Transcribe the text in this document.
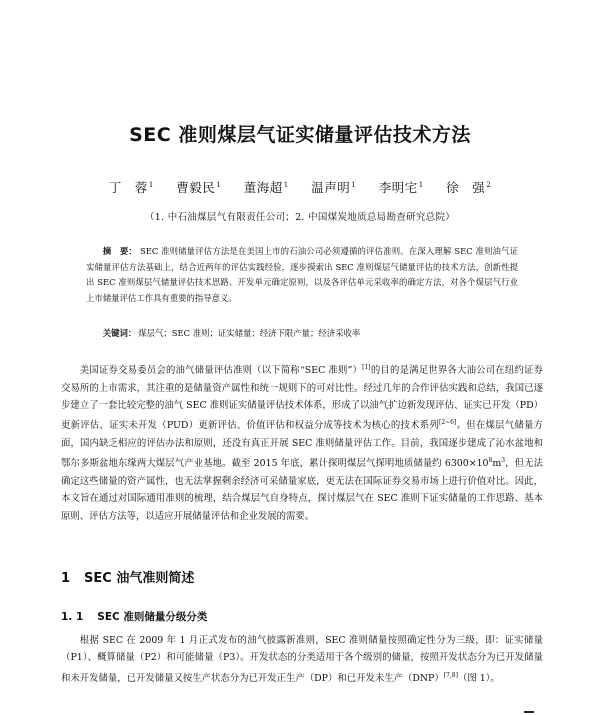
SEC 准则煤层气证实储量评估技术方法
丁　蓉$^1$ 曹毅民$^1$ 董海超$^1$ 温声明$^1$ 李明宅$^1$ 徐　强$^2$
（1. 中石油煤层气有限责任公司；2. 中国煤炭地质总局勘查研究总院）
摘　要： SEC 准则储量评估方法是在美国上市的石油公司必须遵循的评估准则。在深入理解 SEC 准则油气证实储量评估方法基础上，结合近两年的评估实践经验，逐步摸索出 SEC 准则煤层气储量评估的技术方法，创新性提出 SEC 准则煤层气储量评估技术思路、开发单元确定原则，以及各评估单元采收率的确定方法，对各个煤层气行业上市储量评估工作具有重要的指导意义。
关键词： 煤层气；SEC 准则；证实储量；经济下限产量；经济采收率

美国证券交易委员会的油气储量评估准则（以下简称“SEC 准则”）[1]的目的是满足世界各大油公司在纽约证券交易所的上市需求，其注重的是储量资产属性和统一规则下的可对比性。经过几年的合作评估实践和总结，我国已逐步建立了一套比较完整的油气 SEC 准则证实储量评估技术体系，形成了以油气扩边新发现评估、证实已开发（PD）更新评估、证实未开发（PUD）更新评估、价值评估和权益分成等技术为核心的技术系列[2~6]。但在煤层气储量方面，国内缺乏相应的评估办法和原则，还没有真正开展 SEC 准则储量评估工作。目前，我国逐步建成了沁水盆地和鄂尔多斯盆地东缘两大煤层气产业基地。截至 2015 年底，累计探明煤层气探明地质储量约 $6300\times 10^8m^3$，但无法确定这些储量的资产属性，也无法掌握剩余经济可采储量家底，更无法在国际证券交易市场上进行价值对比。因此，本文旨在通过对国际通用准则的梳理，结合煤层气自身特点，探讨煤层气在 SEC 准则下证实储量的工作思路、基本原则、评估方法等，以适应开展储量评估和企业发展的需要。

1 SEC 油气准则简述
1. 1 SEC 准则储量分级分类

根据 SEC 在 2009 年 1 月正式发布的油气披露新准则，SEC 准则储量按照确定性分为三级，即：证实储量（P1）、概算储量（P2）和可能储量（P3）。开发状态的分类适用于各个级别的储量，按照开发状态分为已开发储量和未开发储量，已开发储量又按生产状态分为已开发正生产（DP）和已开发未生产（DNP）[7,8]（图 1）。
